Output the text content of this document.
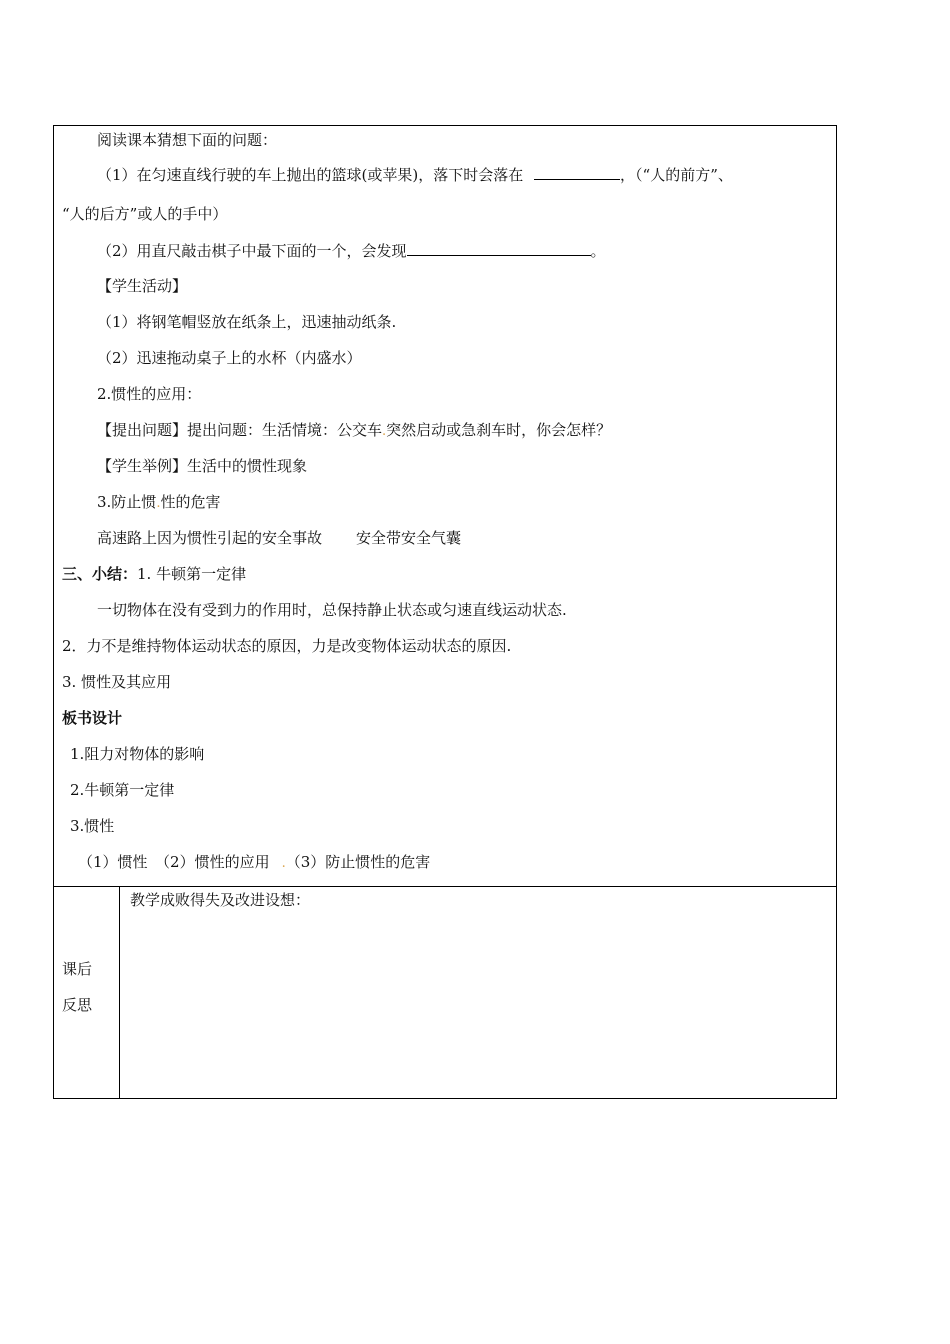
阅读课本猜想下面的问题：
（1）在匀速直线行驶的车上抛出的篮球(或苹果)，落下时会落在	，（“人的前方”、
“人的后方”或人的手中）
（2）用直尺敲击棋子中最下面的一个，会发现	。
【学生活动】
（1）将钢笔帽竖放在纸条上，迅速抽动纸条.
（2）迅速拖动桌子上的水杯（内盛水）
2.惯性的应用：
【提出问题】提出问题：生活情境：公交车.突然启动或急刹车时，你会怎样？
【学生举例】生活中的惯性现象
3.防止惯.性的危害
高速路上因为惯性引起的安全事故 安全带安全气囊
三、小结：1. 牛顿第一定律
一切物体在没有受到力的作用时，总保持静止状态或匀速直线运动状态.
2．力不是维持物体运动状态的原因，力是改变物体运动状态的原因.
3. 惯性及其应用
板书设计
1.阻力对物体的影响
2.牛顿第一定律
3.惯性
（1）惯性　（2）惯性的应用 .（3）防止惯性的危害
课后
反思
教学成败得失及改进设想：
